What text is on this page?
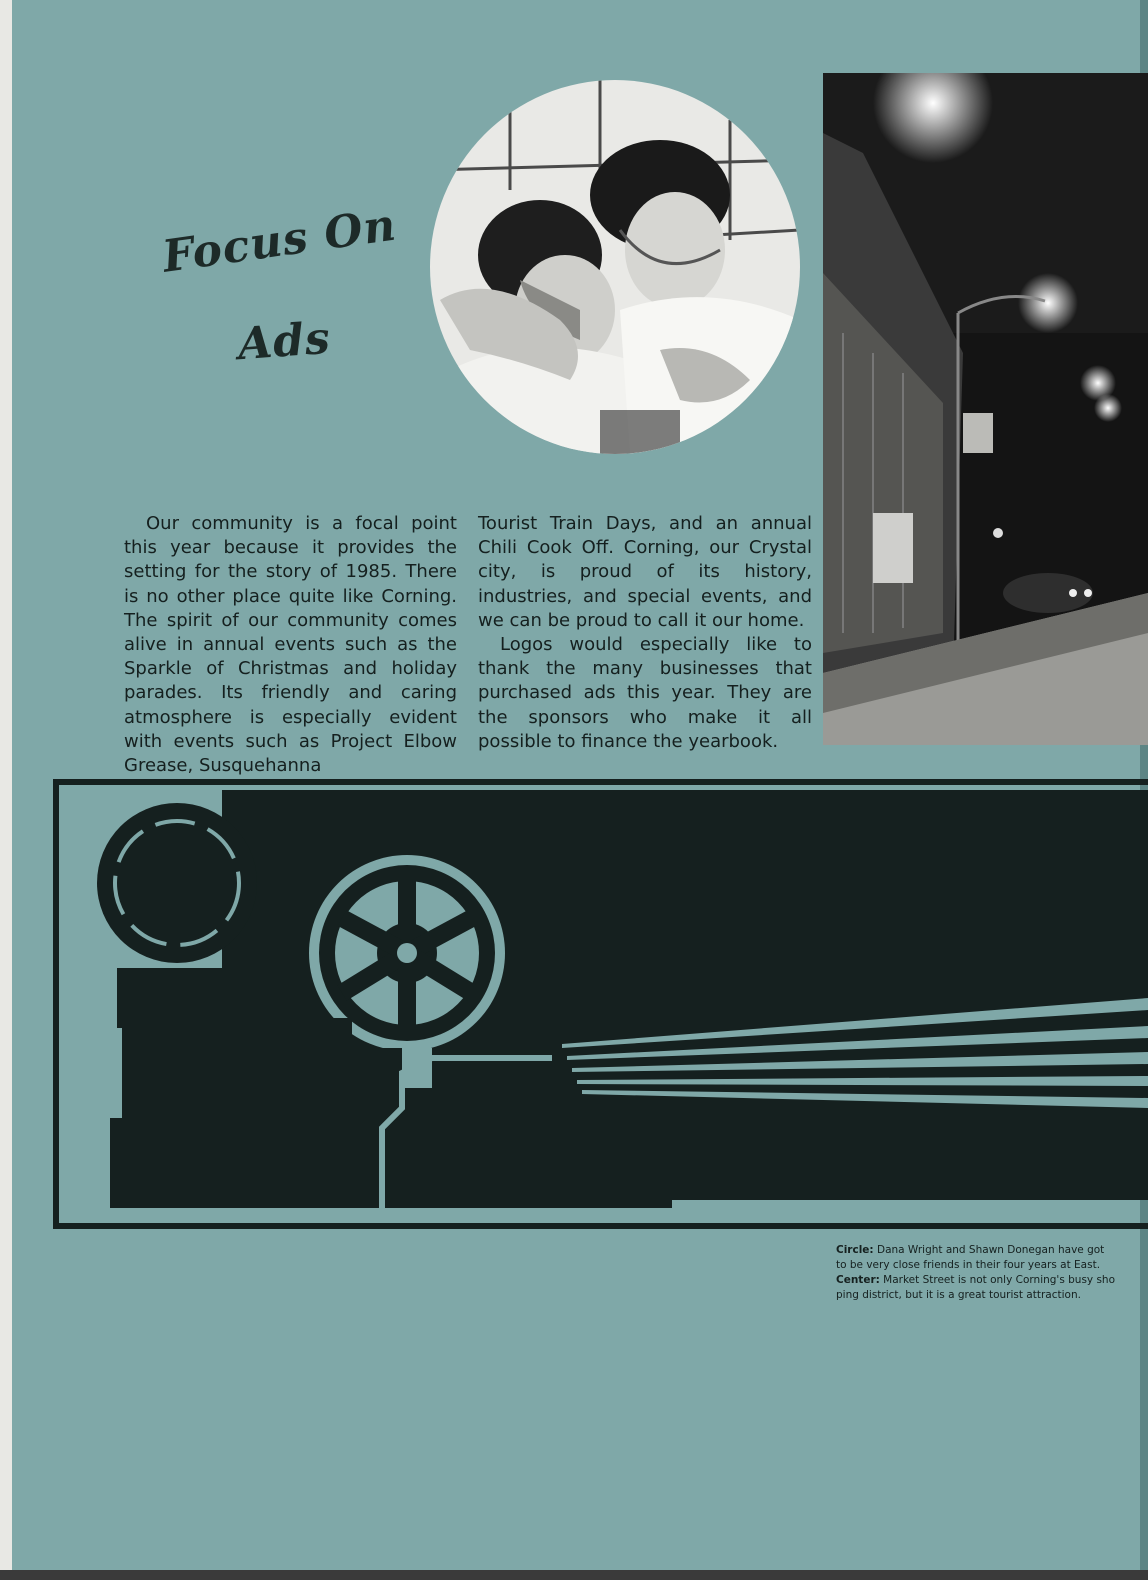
Focus On
Ads

Our community is a focal point this year because it provides the setting for the story of 1985. There is no other place quite like Corning. The spirit of our community comes alive in annual events such as the Sparkle of Christmas and holiday parades. Its friendly and caring atmosphere is especially evident with events such as Project Elbow Grease, Susquehanna

Tourist Train Days, and an annual Chili Cook Off. Corning, our Crystal city, is proud of its history, industries, and special events, and we can be proud to call it our home.

Logos would especially like to thank the many businesses that purchased ads this year. They are the sponsors who make it all possible to finance the yearbook.

Circle: Dana Wright and Shawn Donegan have got
to be very close friends in their four years at East.
Center: Market Street is not only Corning's busy sho
ping district, but it is a great tourist attraction.
